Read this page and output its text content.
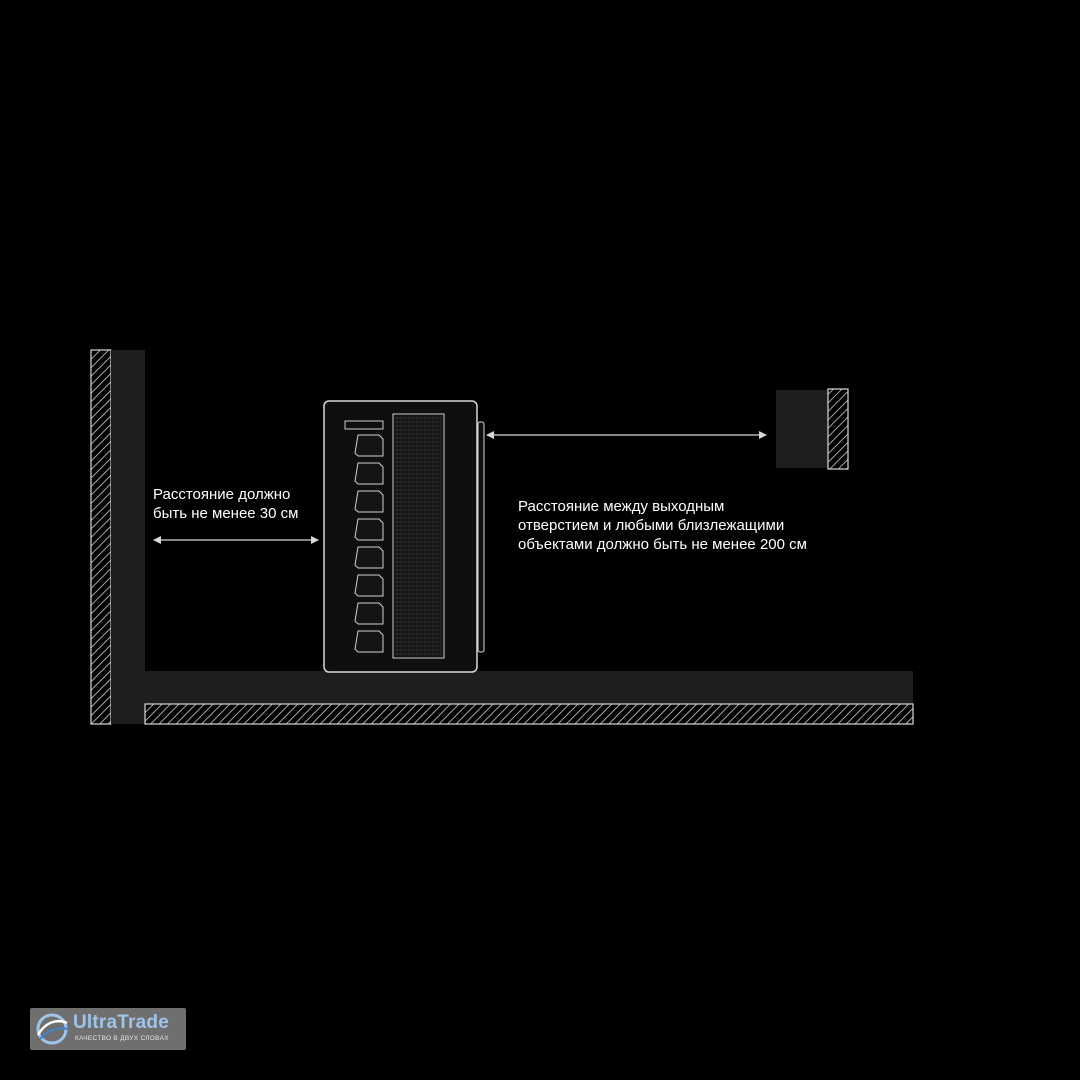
Расстояние должно
быть не менее 30 см	Расстояние между выходным
отверстием и любыми близлежащими
объектами должно быть не менее 200 см
UltraTrade
КАЧЕСТВО В ДВУХ СЛОВАХ
